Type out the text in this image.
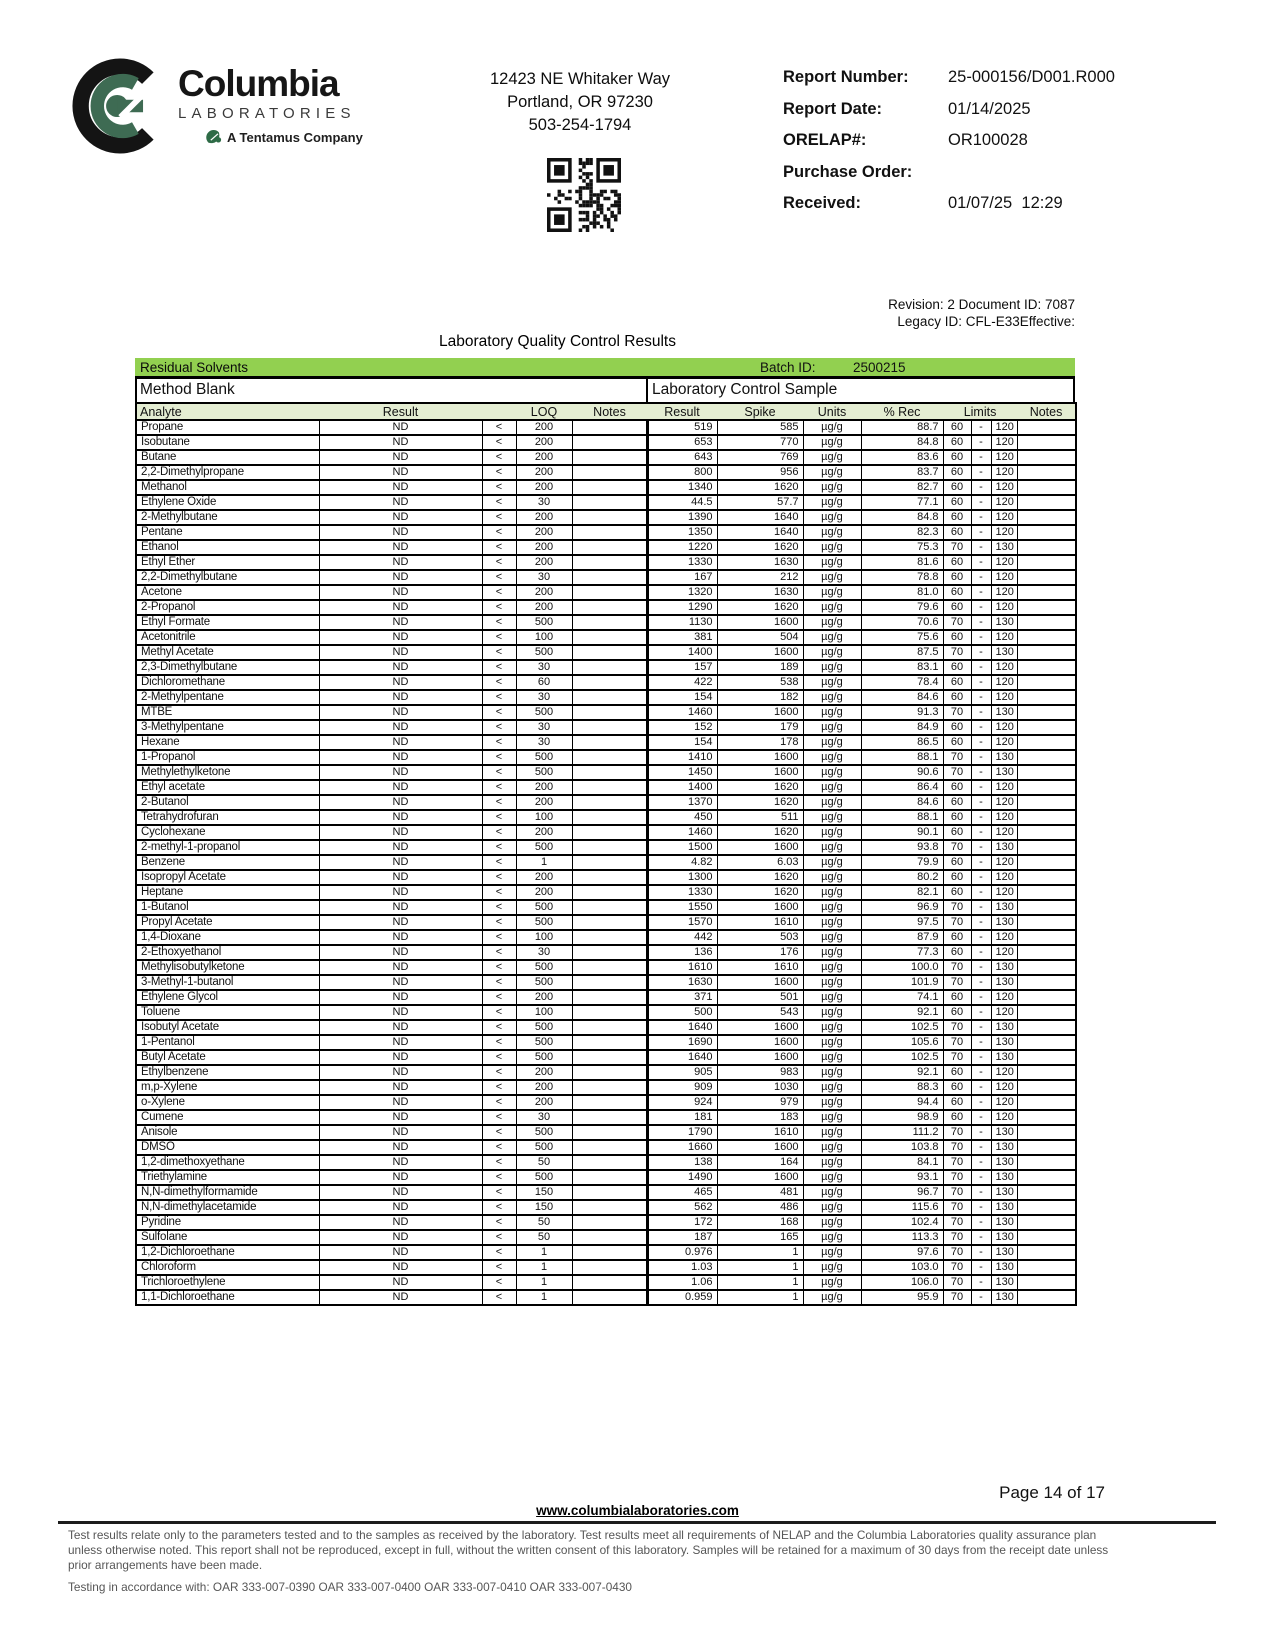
Columbia
LABORATORIES
A Tentamus Company
12423 NE Whitaker Way
Portland, OR 97230
503-254-1794
Report Number:	25-000156/D001.R000
Report Date:	01/14/2025
ORELAP#:	OR100028
Purchase Order:
Received:	01/07/25  12:29
Revision: 2 Document ID: 7087
Legacy ID: CFL-E33Effective:
Laboratory Quality Control Results
Residual Solvents	Batch ID:	2500215
Method Blank	Laboratory Control Sample
Analyte	Result		LOQ	Notes	Result	Spike	Units	% Rec	Limits			Notes
Propane	ND	<	200		519	585	µg/g	88.7	60	-	120	
Isobutane	ND	<	200		653	770	µg/g	84.8	60	-	120	
Butane	ND	<	200		643	769	µg/g	83.6	60	-	120	
2,2-Dimethylpropane	ND	<	200		800	956	µg/g	83.7	60	-	120	
Methanol	ND	<	200		1340	1620	µg/g	82.7	60	-	120	
Ethylene Oxide	ND	<	30		44.5	57.7	µg/g	77.1	60	-	120	
2-Methylbutane	ND	<	200		1390	1640	µg/g	84.8	60	-	120	
Pentane	ND	<	200		1350	1640	µg/g	82.3	60	-	120	
Ethanol	ND	<	200		1220	1620	µg/g	75.3	70	-	130	
Ethyl Ether	ND	<	200		1330	1630	µg/g	81.6	60	-	120	
2,2-Dimethylbutane	ND	<	30		167	212	µg/g	78.8	60	-	120	
Acetone	ND	<	200		1320	1630	µg/g	81.0	60	-	120	
2-Propanol	ND	<	200		1290	1620	µg/g	79.6	60	-	120	
Ethyl Formate	ND	<	500		1130	1600	µg/g	70.6	70	-	130	
Acetonitrile	ND	<	100		381	504	µg/g	75.6	60	-	120	
Methyl Acetate	ND	<	500		1400	1600	µg/g	87.5	70	-	130	
2,3-Dimethylbutane	ND	<	30		157	189	µg/g	83.1	60	-	120	
Dichloromethane	ND	<	60		422	538	µg/g	78.4	60	-	120	
2-Methylpentane	ND	<	30		154	182	µg/g	84.6	60	-	120	
MTBE	ND	<	500		1460	1600	µg/g	91.3	70	-	130	
3-Methylpentane	ND	<	30		152	179	µg/g	84.9	60	-	120	
Hexane	ND	<	30		154	178	µg/g	86.5	60	-	120	
1-Propanol	ND	<	500		1410	1600	µg/g	88.1	70	-	130	
Methylethylketone	ND	<	500		1450	1600	µg/g	90.6	70	-	130	
Ethyl acetate	ND	<	200		1400	1620	µg/g	86.4	60	-	120	
2-Butanol	ND	<	200		1370	1620	µg/g	84.6	60	-	120	
Tetrahydrofuran	ND	<	100		450	511	µg/g	88.1	60	-	120	
Cyclohexane	ND	<	200		1460	1620	µg/g	90.1	60	-	120	
2-methyl-1-propanol	ND	<	500		1500	1600	µg/g	93.8	70	-	130	
Benzene	ND	<	1		4.82	6.03	µg/g	79.9	60	-	120	
Isopropyl Acetate	ND	<	200		1300	1620	µg/g	80.2	60	-	120	
Heptane	ND	<	200		1330	1620	µg/g	82.1	60	-	120	
1-Butanol	ND	<	500		1550	1600	µg/g	96.9	70	-	130	
Propyl Acetate	ND	<	500		1570	1610	µg/g	97.5	70	-	130	
1,4-Dioxane	ND	<	100		442	503	µg/g	87.9	60	-	120	
2-Ethoxyethanol	ND	<	30		136	176	µg/g	77.3	60	-	120	
Methylisobutylketone	ND	<	500		1610	1610	µg/g	100.0	70	-	130	
3-Methyl-1-butanol	ND	<	500		1630	1600	µg/g	101.9	70	-	130	
Ethylene Glycol	ND	<	200		371	501	µg/g	74.1	60	-	120	
Toluene	ND	<	100		500	543	µg/g	92.1	60	-	120	
Isobutyl Acetate	ND	<	500		1640	1600	µg/g	102.5	70	-	130	
1-Pentanol	ND	<	500		1690	1600	µg/g	105.6	70	-	130	
Butyl Acetate	ND	<	500		1640	1600	µg/g	102.5	70	-	130	
Ethylbenzene	ND	<	200		905	983	µg/g	92.1	60	-	120	
m,p-Xylene	ND	<	200		909	1030	µg/g	88.3	60	-	120	
o-Xylene	ND	<	200		924	979	µg/g	94.4	60	-	120	
Cumene	ND	<	30		181	183	µg/g	98.9	60	-	120	
Anisole	ND	<	500		1790	1610	µg/g	111.2	70	-	130	
DMSO	ND	<	500		1660	1600	µg/g	103.8	70	-	130	
1,2-dimethoxyethane	ND	<	50		138	164	µg/g	84.1	70	-	130	
Triethylamine	ND	<	500		1490	1600	µg/g	93.1	70	-	130	
N,N-dimethylformamide	ND	<	150		465	481	µg/g	96.7	70	-	130	
N,N-dimethylacetamide	ND	<	150		562	486	µg/g	115.6	70	-	130	
Pyridine	ND	<	50		172	168	µg/g	102.4	70	-	130	
Sulfolane	ND	<	50		187	165	µg/g	113.3	70	-	130	
1,2-Dichloroethane	ND	<	1		0.976	1	µg/g	97.6	70	-	130	
Chloroform	ND	<	1		1.03	1	µg/g	103.0	70	-	130	
Trichloroethylene	ND	<	1		1.06	1	µg/g	106.0	70	-	130	
1,1-Dichloroethane	ND	<	1		0.959	1	µg/g	95.9	70	-	130	
Page 14 of 17
www.columbialaboratories.com
Test results relate only to the parameters tested and to the samples as received by the laboratory. Test results meet all requirements of NELAP and the Columbia Laboratories quality assurance plan unless otherwise noted. This report shall not be reproduced, except in full, without the written consent of this laboratory. Samples will be retained for a maximum of 30 days from the receipt date unless prior arrangements have been made.
Testing in accordance with: OAR 333-007-0390 OAR 333-007-0400 OAR 333-007-0410 OAR 333-007-0430
